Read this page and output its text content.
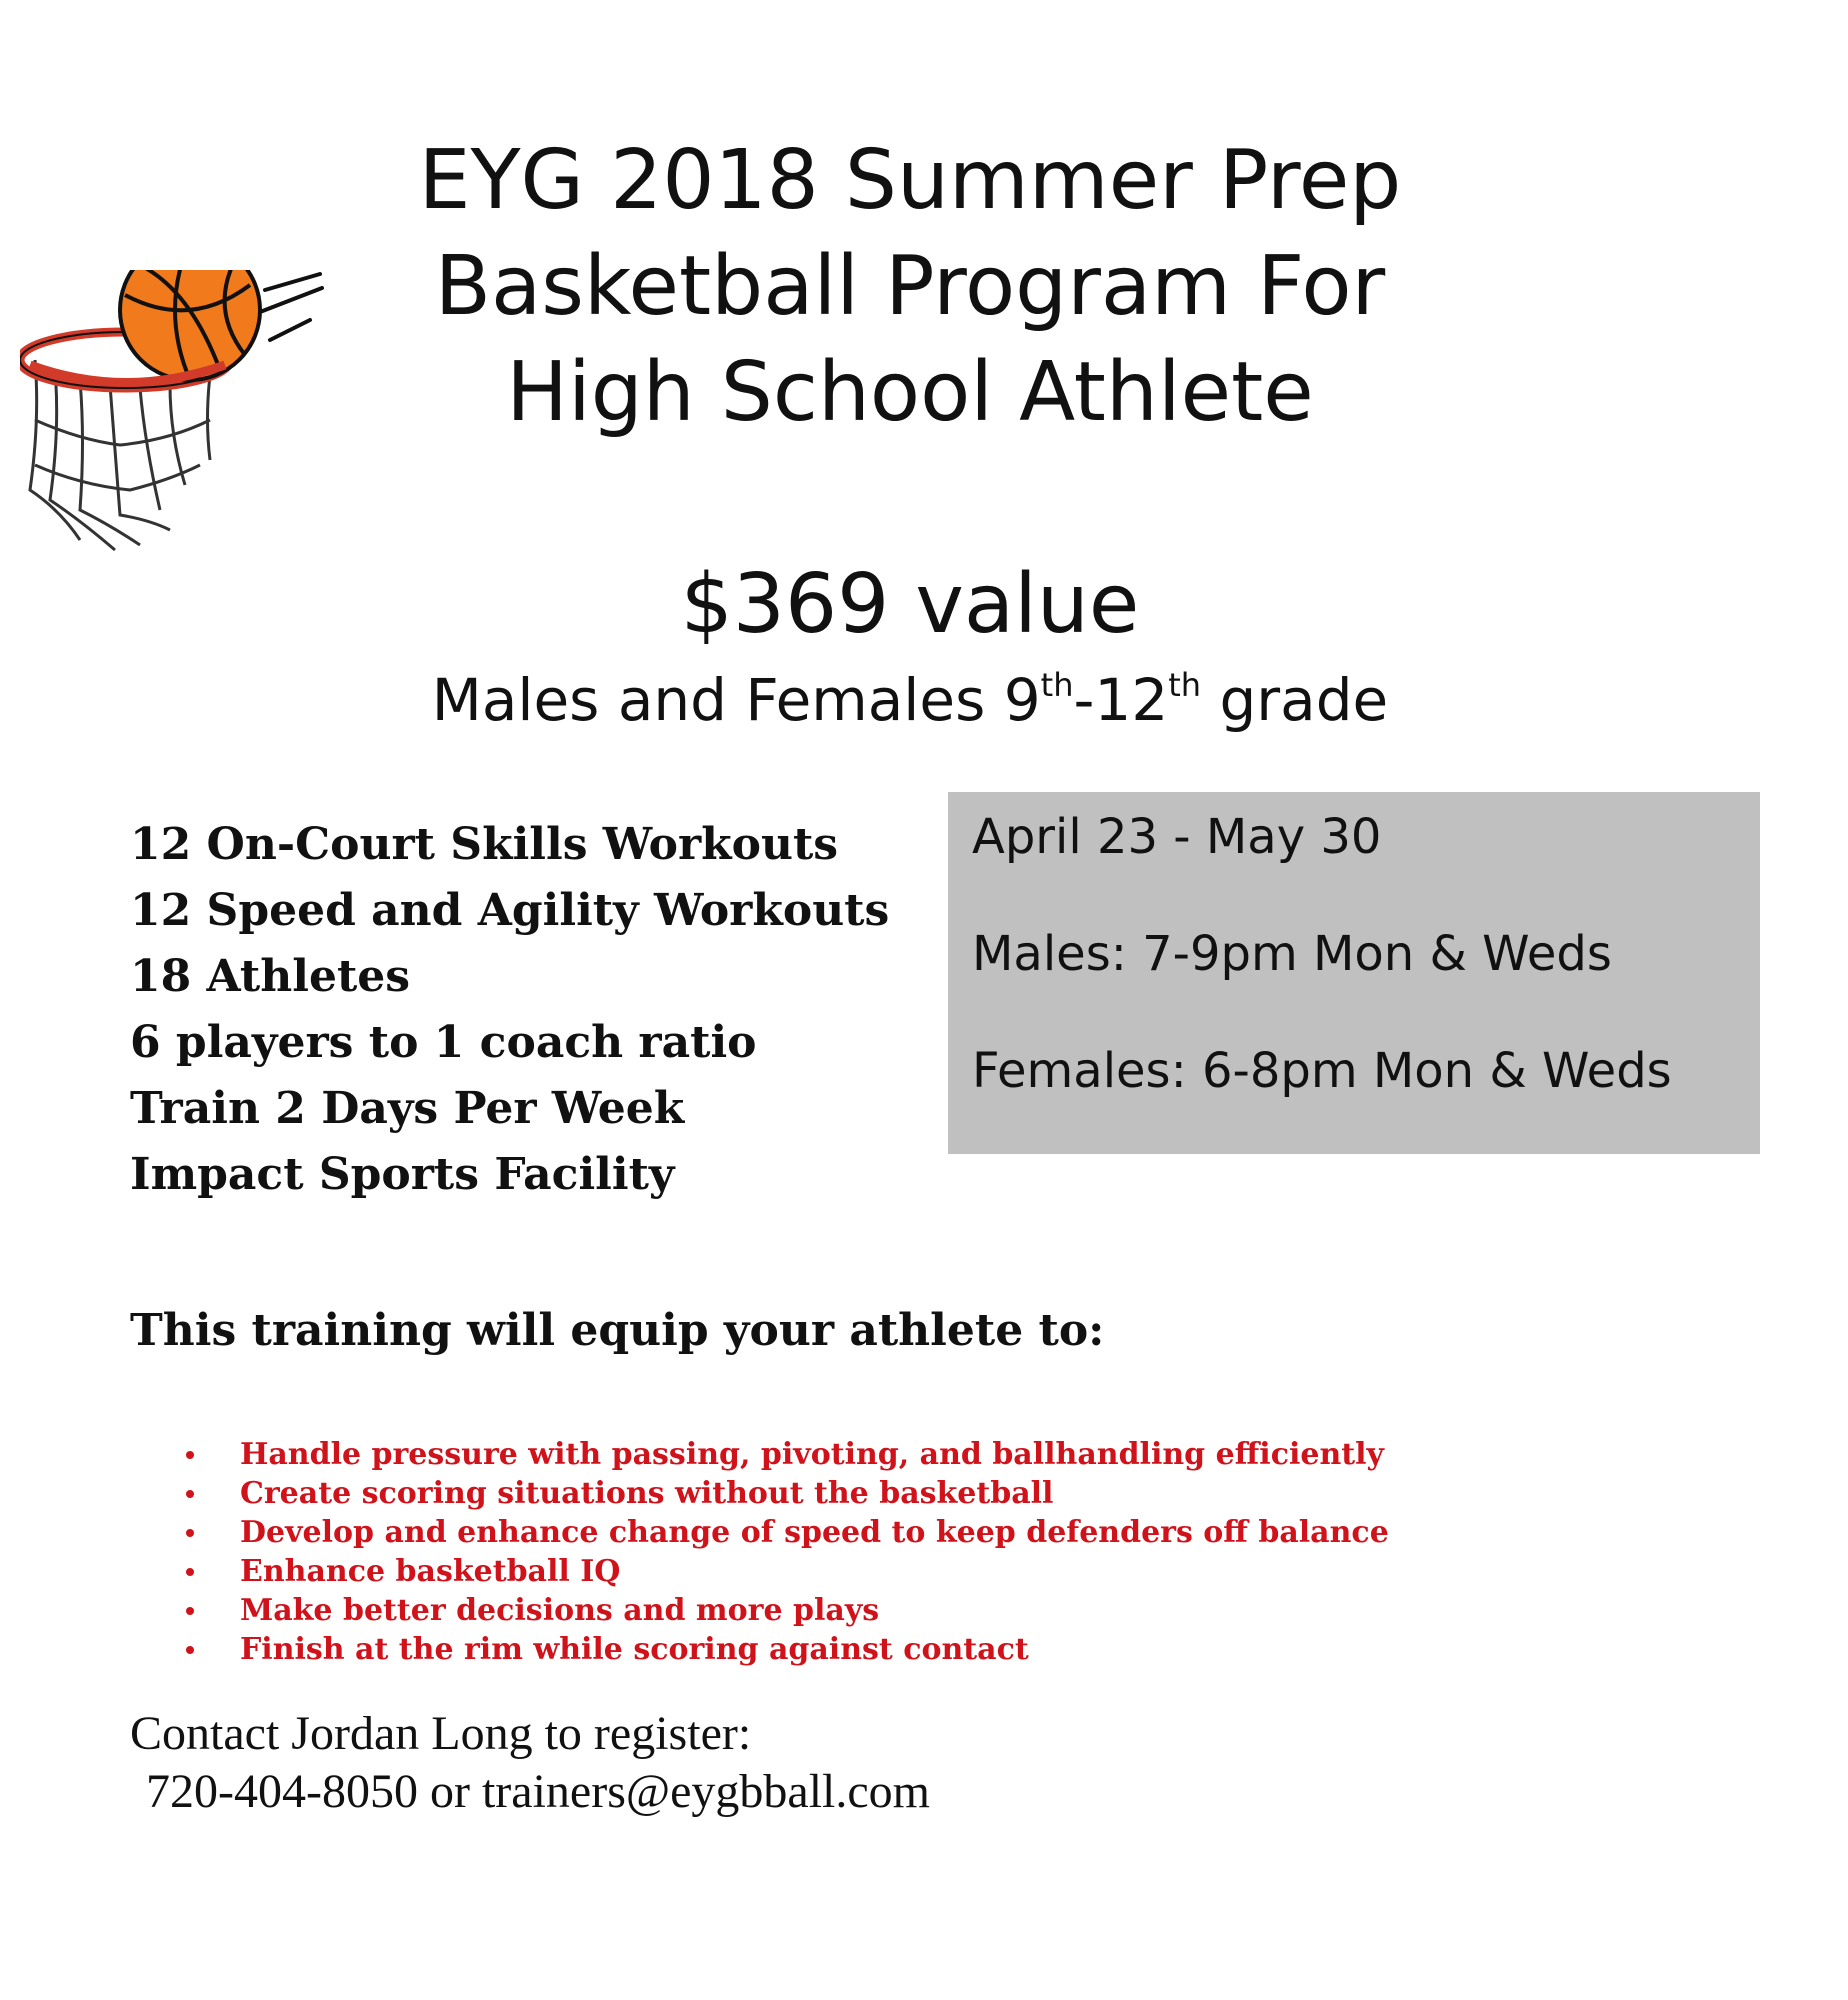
EYG 2018 Summer Prep
Basketball Program For
High School Athlete
$369 value
Males and Females 9th-12th grade
12 On-Court Skills Workouts
12 Speed and Agility Workouts
18 Athletes
6 players to 1 coach ratio
Train 2 Days Per Week
Impact Sports Facility
April 23 - May 30
Males: 7-9pm Mon & Weds
Females: 6-8pm Mon & Weds
This training will equip your athlete to:
Handle pressure with passing, pivoting, and ballhandling efficiently
Create scoring situations without the basketball
Develop and enhance change of speed to keep defenders off balance
Enhance basketball IQ
Make better decisions and more plays
Finish at the rim while scoring against contact
Contact Jordan Long to register:
720-404-8050 or trainers@eygbball.com
